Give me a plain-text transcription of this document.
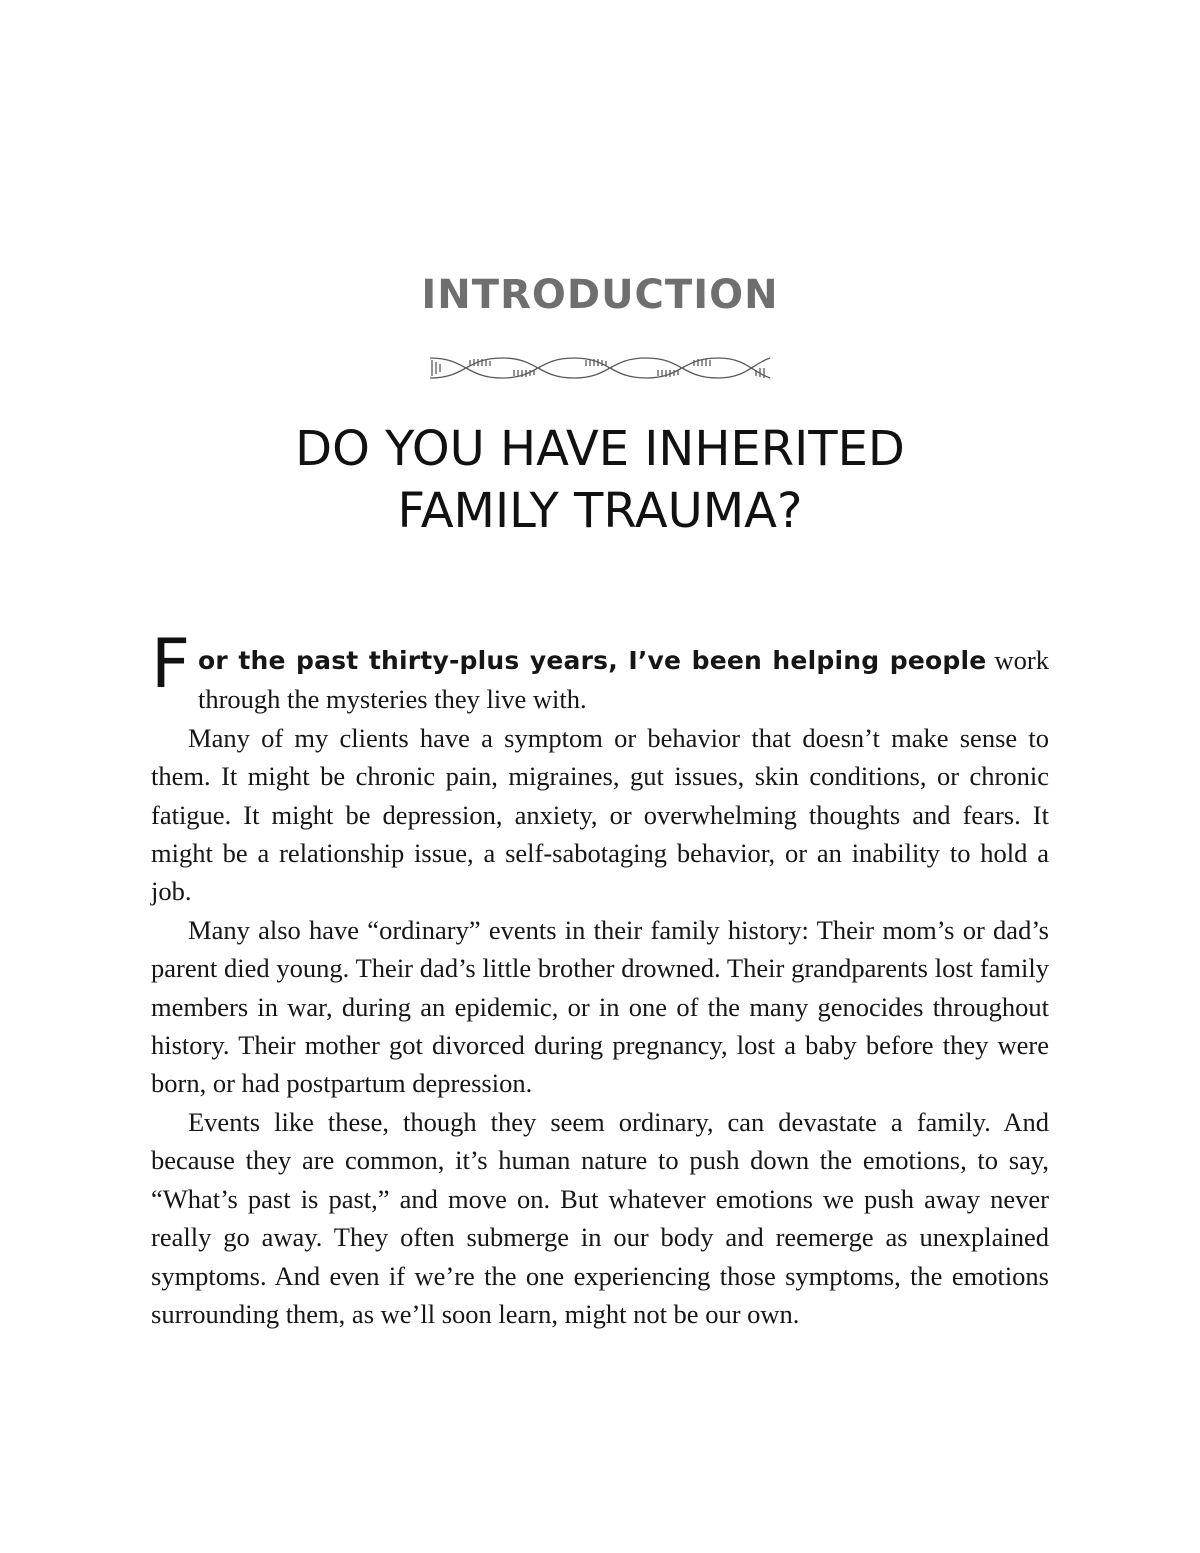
INTRODUCTION
DO YOU HAVE INHERITED
FAMILY TRAUMA?

F or the past thirty-plus years, I’ve been helping people work through the mysteries they live with.

Many of my clients have a symptom or behavior that doesn’t make sense to them. It might be chronic pain, migraines, gut issues, skin conditions, or chronic fatigue. It might be depression, anxiety, or overwhelming thoughts and fears. It might be a relationship issue, a self-sabotaging behavior, or an inability to hold a job.

Many also have “ordinary” events in their family history: Their mom’s or dad’s parent died young. Their dad’s little brother drowned. Their grandparents lost family members in war, during an epidemic, or in one of the many genocides throughout history. Their mother got divorced during pregnancy, lost a baby before they were born, or had postpartum depression.

Events like these, though they seem ordinary, can devastate a family. And because they are common, it’s human nature to push down the emotions, to say, “What’s past is past,” and move on. But whatever emotions we push away never really go away. They often submerge in our body and reemerge as unexplained symptoms. And even if we’re the one experiencing those symptoms, the emotions surrounding them, as we’ll soon learn, might not be our own.
